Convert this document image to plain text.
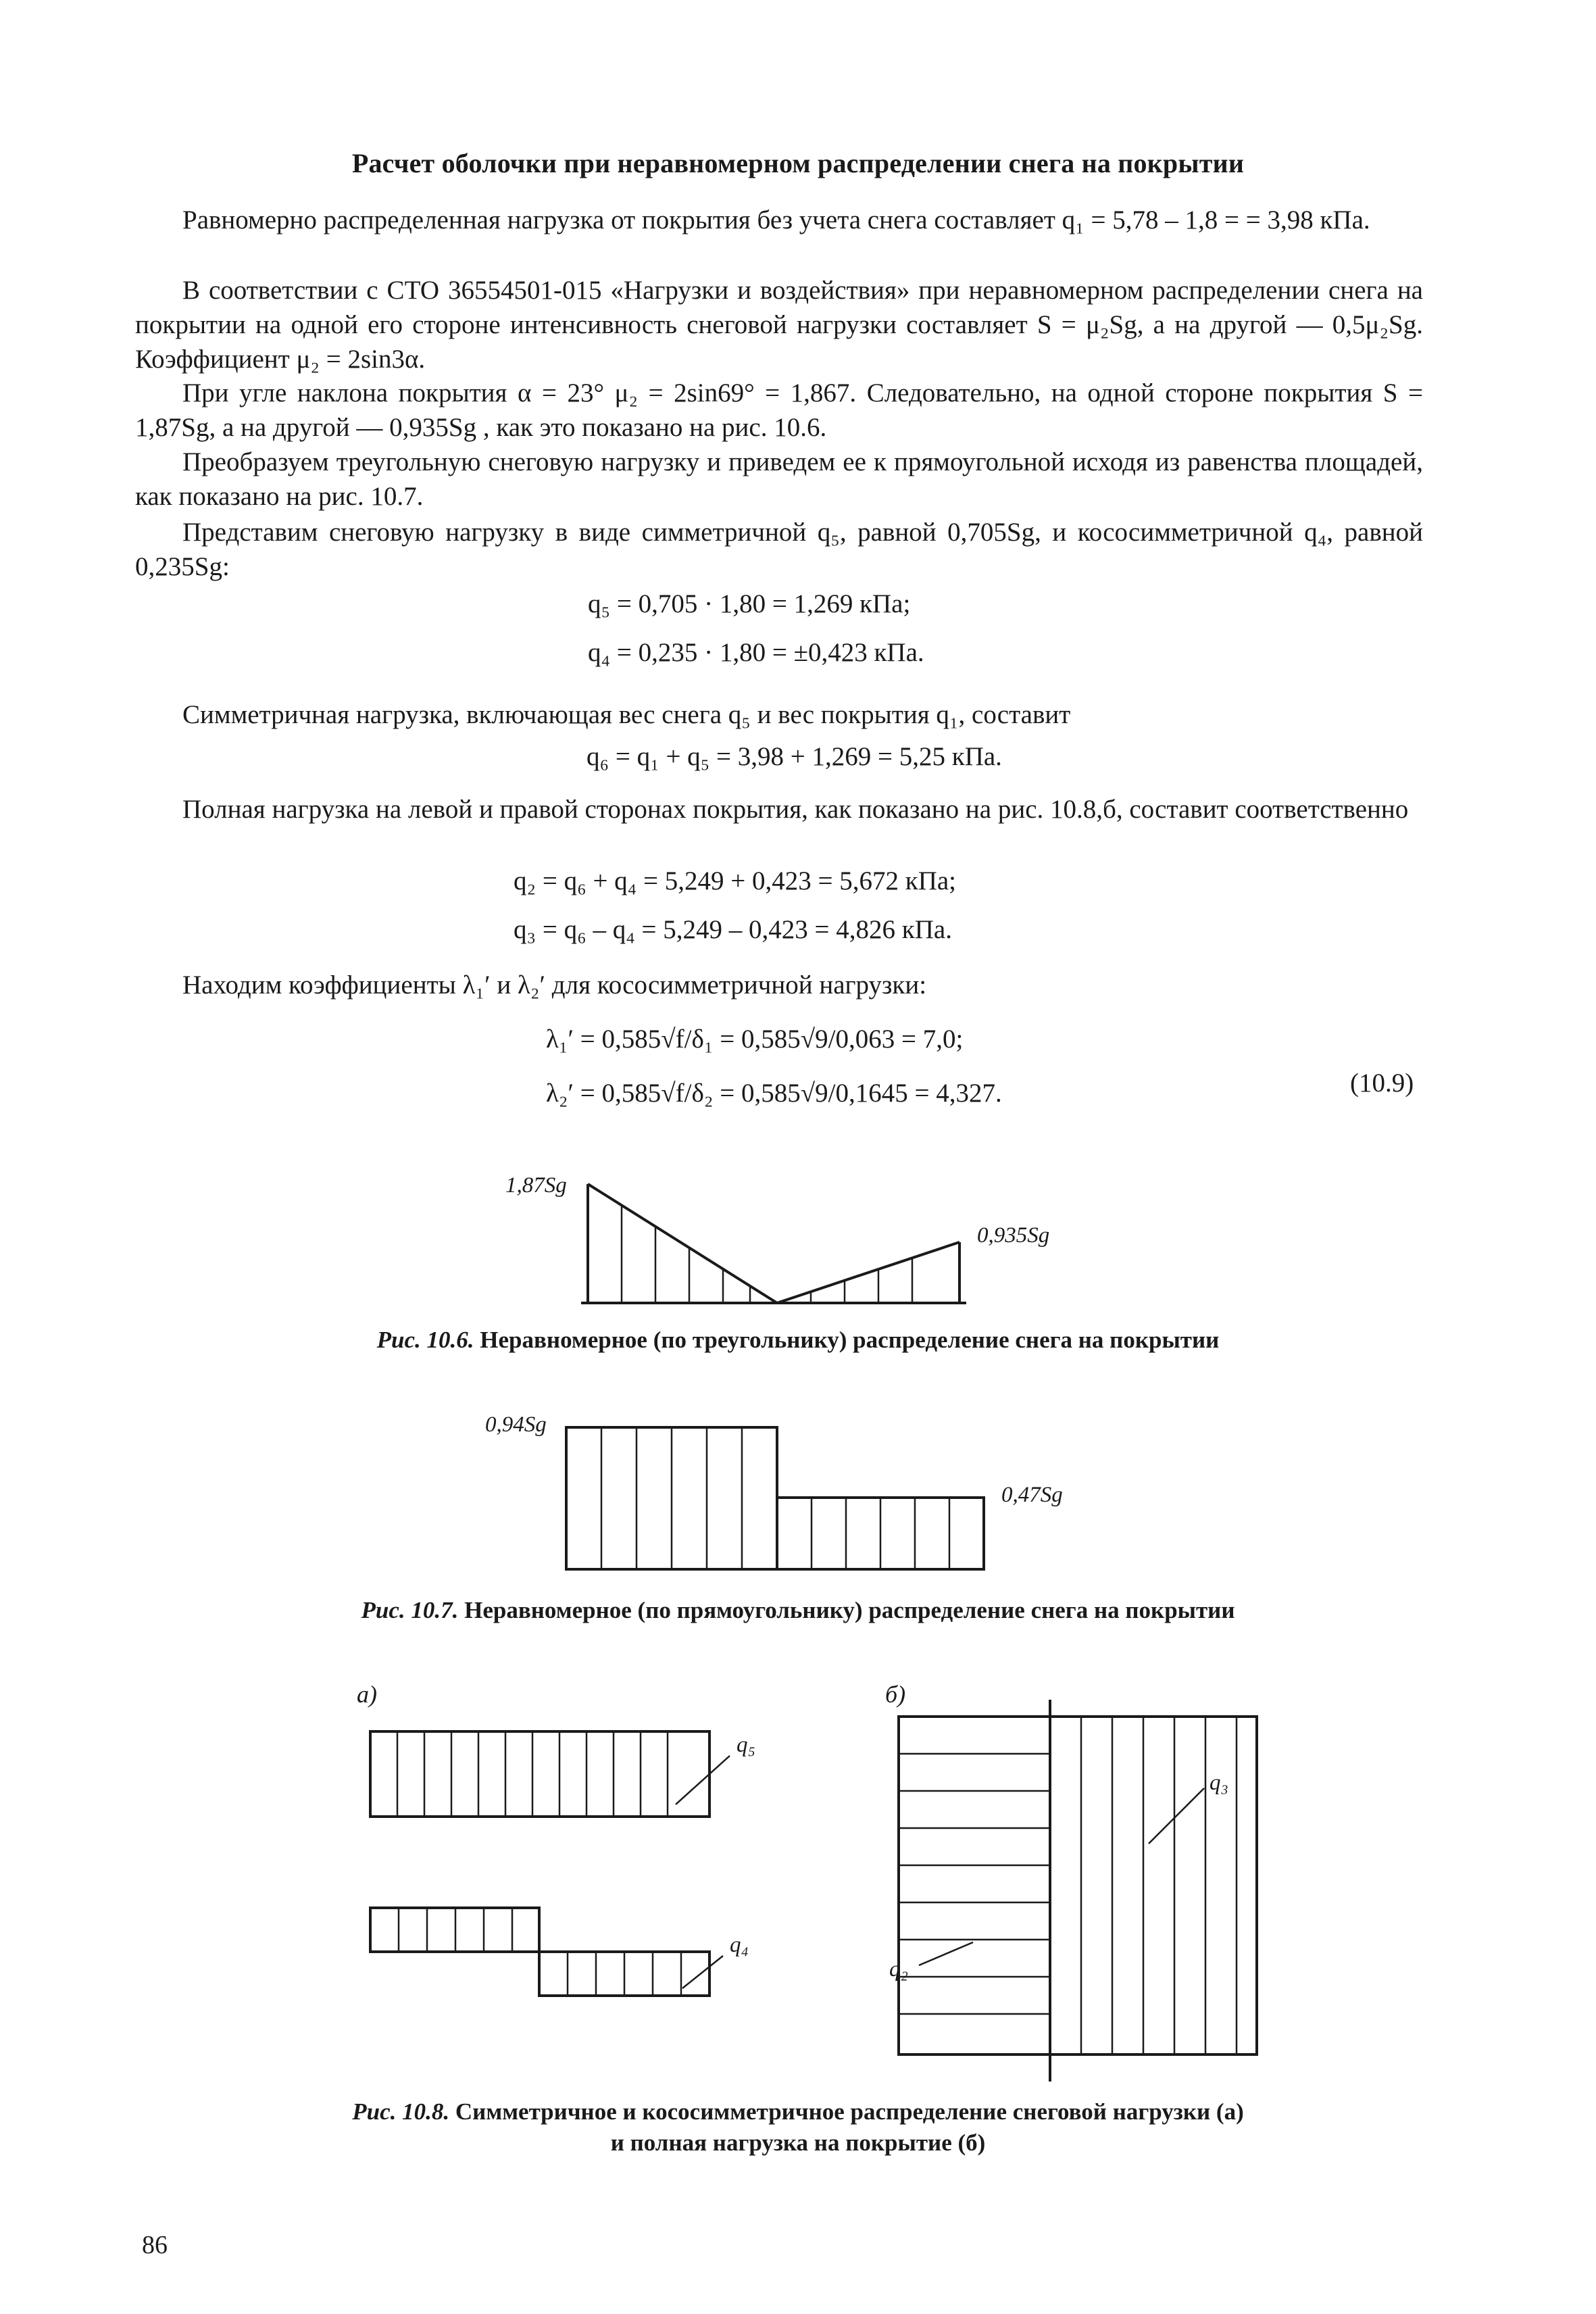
Расчет оболочки при неравномерном распределении снега на покрытии
Равномерно распределенная нагрузка от покрытия без учета снега составляет q₁ = 5,78 – 1,8 = = 3,98 кПа.
В соответствии с СТО 36554501-015 «Нагрузки и воздействия» при неравномерном распределении снега на покрытии на одной его стороне интенсивность снеговой нагрузки составляет S = μ₂Sg, а на другой — 0,5μ₂Sg. Коэффициент μ₂ = 2sin3α.
При угле наклона покрытия α = 23° μ₂ = 2sin69° = 1,867. Следовательно, на одной стороне покрытия S = 1,87Sg, а на другой — 0,935Sg , как это показано на рис. 10.6.
Преобразуем треугольную снеговую нагрузку и приведем ее к прямоугольной исходя из равенства площадей, как показано на рис. 10.7.
Представим снеговую нагрузку в виде симметричной q₅, равной 0,705Sg, и кососимметричной q₄, равной 0,235Sg:
q₅ = 0,705 · 1,80 = 1,269 кПа;
q₄ = 0,235 · 1,80 = ±0,423 кПа.
Симметричная нагрузка, включающая вес снега q₅ и вес покрытия q₁, составит
q₆ = q₁ + q₅ = 3,98 + 1,269 = 5,25 кПа.
Полная нагрузка на левой и правой сторонах покрытия, как показано на рис. 10.8,б, составит соответственно
q₂ = q₆ + q₄ = 5,249 + 0,423 = 5,672 кПа;
q₃ = q₆ – q₄ = 5,249 – 0,423 = 4,826 кПа.
Находим коэффициенты λ₁′ и λ₂′ для кососимметричной нагрузки:
λ₁′ = 0,585√f/δ₁ = 0,585√9/0,063 = 7,0;
λ₂′ = 0,585√f/δ₂ = 0,585√9/0,1645 = 4,327.	(10.9)
1,87Sg
0,935Sg
Рис. 10.6. Неравномерное (по треугольнику) распределение снега на покрытии
0,94Sg
0,47Sg
Рис. 10.7. Неравномерное (по прямоугольнику) распределение снега на покрытии
а)	б)
q₅
q₄
q₃
q₂
Рис. 10.8. Симметричное и кососимметричное распределение снеговой нагрузки (а)
и полная нагрузка на покрытие (б)
86
